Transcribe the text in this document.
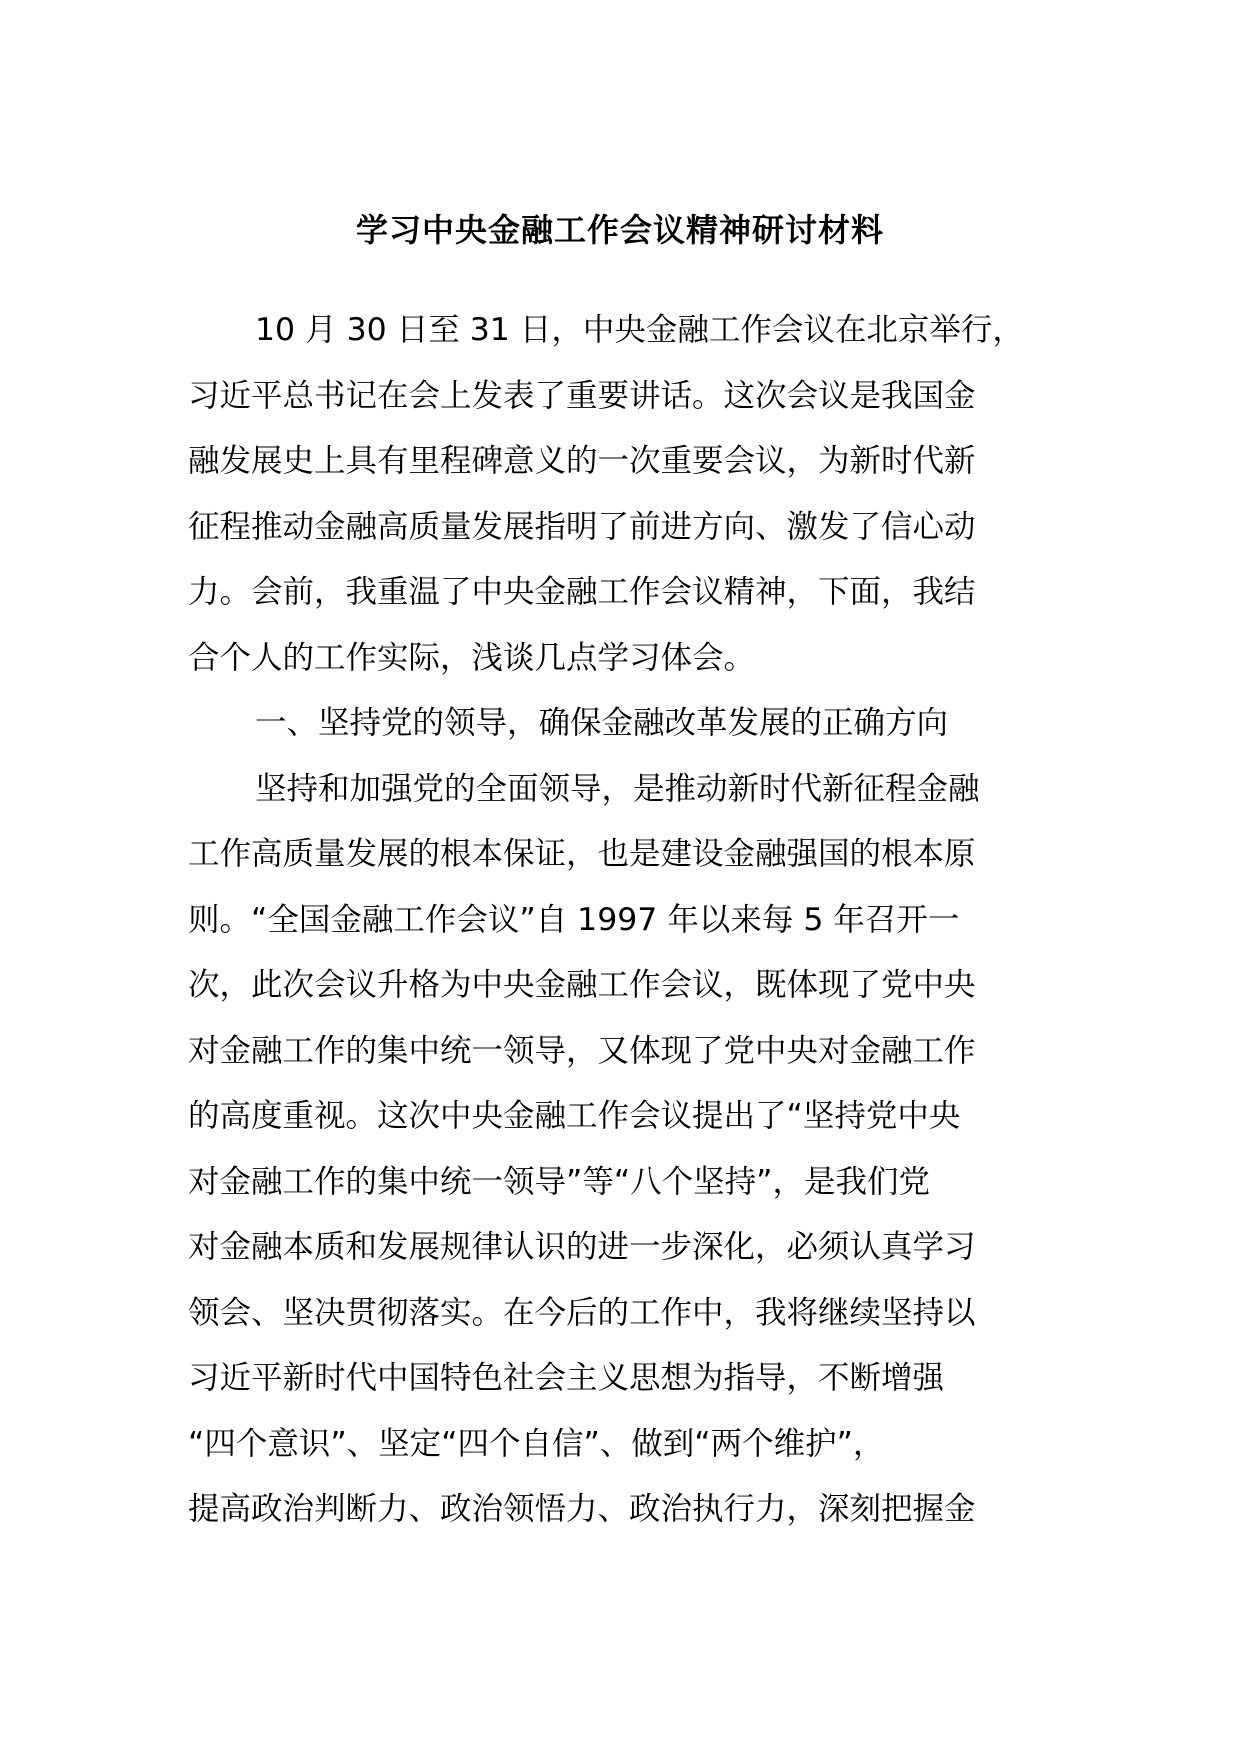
学习中央金融工作会议精神研讨材料
10 月 30 日至 31 日，中央金融工作会议在北京举行，
习近平总书记在会上发表了重要讲话。这次会议是我国金
融发展史上具有里程碑意义的一次重要会议，为新时代新
征程推动金融高质量发展指明了前进方向、激发了信心动
力。会前，我重温了中央金融工作会议精神，下面，我结
合个人的工作实际，浅谈几点学习体会。
一、坚持党的领导，确保金融改革发展的正确方向
坚持和加强党的全面领导，是推动新时代新征程金融
工作高质量发展的根本保证，也是建设金融强国的根本原
则。“全国金融工作会议”自 1997 年以来每 5 年召开一
次，此次会议升格为中央金融工作会议，既体现了党中央
对金融工作的集中统一领导，又体现了党中央对金融工作
的高度重视。这次中央金融工作会议提出了“坚持党中央
对金融工作的集中统一领导”等“八个坚持”，是我们党
对金融本质和发展规律认识的进一步深化，必须认真学习
领会、坚决贯彻落实。在今后的工作中，我将继续坚持以
习近平新时代中国特色社会主义思想为指导，不断增强
“四个意识”、坚定“四个自信”、做到“两个维护”，
提高政治判断力、政治领悟力、政治执行力，深刻把握金
